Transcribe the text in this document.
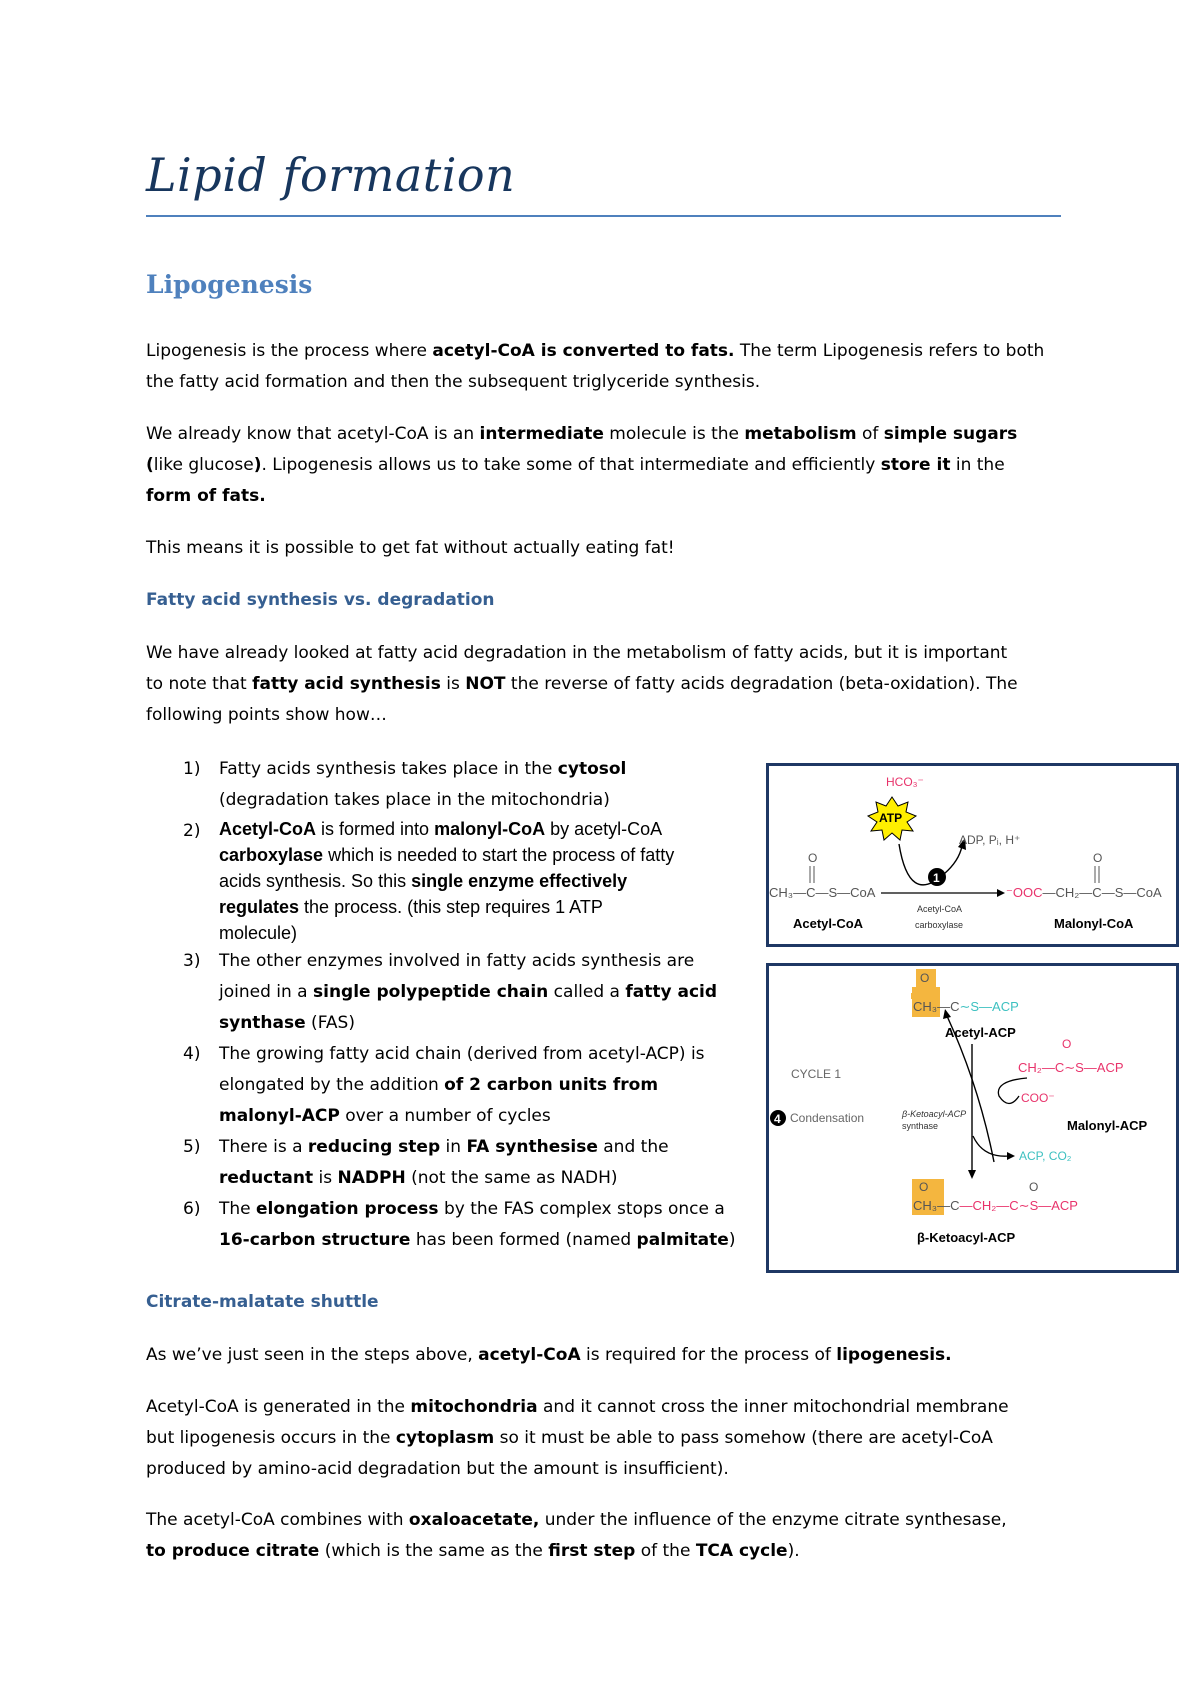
Lipid formation
Lipogenesis
Lipogenesis is the process where acetyl-CoA is converted to fats. The term Lipogenesis refers to both
the fatty acid formation and then the subsequent triglyceride synthesis.
We already know that acetyl-CoA is an intermediate molecule is the metabolism of simple sugars
(like glucose). Lipogenesis allows us to take some of that intermediate and efficiently store it in the
form of fats.
This means it is possible to get fat without actually eating fat!
Fatty acid synthesis vs. degradation
We have already looked at fatty acid degradation in the metabolism of fatty acids, but it is important
to note that fatty acid synthesis is NOT the reverse of fatty acids degradation (beta-oxidation). The
following points show how…
1) Fatty acids synthesis takes place in the cytosol
(degradation takes place in the mitochondria)
2) Acetyl-CoA is formed into malonyl-CoA by acetyl-CoA
carboxylase which is needed to start the process of fatty
acids synthesis. So this single enzyme effectively
regulates the process. (this step requires 1 ATP
molecule)
3) The other enzymes involved in fatty acids synthesis are
joined in a single polypeptide chain called a fatty acid
synthase (FAS)
4) The growing fatty acid chain (derived from acetyl-ACP) is
elongated by the addition of 2 carbon units from
malonyl-ACP over a number of cycles
5) There is a reducing step in FA synthesise and the
reductant is NADPH (not the same as NADH)
6) The elongation process by the FAS complex stops once a
16-carbon structure has been formed (named palmitate)
Citrate-malatate shuttle
As we’ve just seen in the steps above, acetyl-CoA is required for the process of lipogenesis.
Acetyl-CoA is generated in the mitochondria and it cannot cross the inner mitochondrial membrane
but lipogenesis occurs in the cytoplasm so it must be able to pass somehow (there are acetyl-CoA
produced by amino-acid degradation but the amount is insufficient).
The acetyl-CoA combines with oxaloacetate, under the influence of the enzyme citrate synthesase,
to produce citrate (which is the same as the first step of the TCA cycle).
HCO₃⁻
ATP
ADP, Pᵢ, H⁺
1
O
CH₃—C—S—CoA
Acetyl-CoA
carboxylase
Acetyl-CoA
O
⁻OOC—CH₂—C—S—CoA
Malonyl-CoA
O
CH₃—C∼S—ACP
Acetyl-ACP
CYCLE 1
4 Condensation	β-Ketoacyl-ACP
synthase
O
CH₂—C∼S—ACP
COO⁻
Malonyl-ACP
ACP, CO₂
O	O
CH₃—C—CH₂—C∼S—ACP
β-Ketoacyl-ACP
